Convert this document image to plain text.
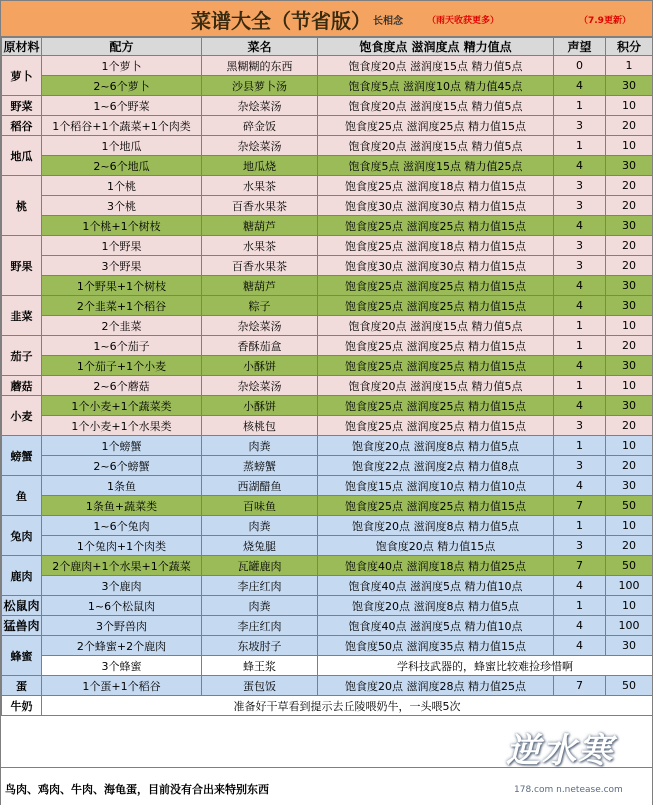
菜谱大全（节省版） 长相念	（雨天收获更多）	（7.9更新）
原材料	配方	菜名	饱食度点 滋润度点 精力值点	声望	积分
萝卜	1个萝卜	黑糊糊的东西	饱食度20点 滋润度15点 精力值5点	0	1
	2~6个萝卜	沙县萝卜汤	饱食度5点 滋润度10点 精力值45点	4	30
野菜	1~6个野菜	杂烩菜汤	饱食度20点 滋润度15点 精力值5点	1	10
稻谷	1个稻谷+1个蔬菜+1个肉类	碎金饭	饱食度25点 滋润度25点 精力值15点	3	20
地瓜	1个地瓜	杂烩菜汤	饱食度20点 滋润度15点 精力值5点	1	10
	2~6个地瓜	地瓜烧	饱食度5点 滋润度15点 精力值25点	4	30
桃	1个桃	水果茶	饱食度25点 滋润度18点 精力值15点	3	20
	3个桃	百香水果茶	饱食度30点 滋润度30点 精力值15点	3	20
	1个桃+1个树枝	糖葫芦	饱食度25点 滋润度25点 精力值15点	4	30
野果	1个野果	水果茶	饱食度25点 滋润度18点 精力值15点	3	20
	3个野果	百香水果茶	饱食度30点 滋润度30点 精力值15点	3	20
	1个野果+1个树枝	糖葫芦	饱食度25点 滋润度25点 精力值15点	4	30
韭菜	2个韭菜+1个稻谷	粽子	饱食度25点 滋润度25点 精力值15点	4	30
	2个韭菜	杂烩菜汤	饱食度20点 滋润度15点 精力值5点	1	10
茄子	1~6个茄子	香酥茄盒	饱食度25点 滋润度25点 精力值15点	1	20
	1个茄子+1个小麦	小酥饼	饱食度25点 滋润度25点 精力值15点	4	30
蘑菇	2~6个蘑菇	杂烩菜汤	饱食度20点 滋润度15点 精力值5点	1	10
小麦	1个小麦+1个蔬菜类	小酥饼	饱食度25点 滋润度25点 精力值15点	4	30
	1个小麦+1个水果类	核桃包	饱食度25点 滋润度25点 精力值15点	3	20
螃蟹	1个螃蟹	肉粪	饱食度20点 滋润度8点 精力值5点	1	10
	2~6个螃蟹	蒸螃蟹	饱食度22点 滋润度2点 精力值8点	3	20
鱼	1条鱼	西湖醋鱼	饱食度15点 滋润度10点 精力值10点	4	30
	1条鱼+蔬菜类	百味鱼	饱食度25点 滋润度25点 精力值15点	7	50
兔肉	1~6个兔肉	肉粪	饱食度20点 滋润度8点 精力值5点	1	10
	1个兔肉+1个肉类	烧兔腿	饱食度20点 精力值15点	3	20
鹿肉	2个鹿肉+1个水果+1个蔬菜	瓦罐鹿肉	饱食度40点 滋润度18点 精力值25点	7	50
	3个鹿肉	李庄红肉	饱食度40点 滋润度5点 精力值10点	4	100
松鼠肉	1~6个松鼠肉	肉粪	饱食度20点 滋润度8点 精力值5点	1	10
猛兽肉	3个野兽肉	李庄红肉	饱食度40点 滋润度5点 精力值10点	4	100
蜂蜜	2个蜂蜜+2个鹿肉	东坡肘子	饱食度50点 滋润度35点 精力值15点	4	30
	3个蜂蜜	蜂王浆	学科技武器的，蜂蜜比较难捡珍惜啊		
蛋	1个蛋+1个稻谷	蛋包饭	饱食度20点 滋润度28点 精力值25点	7	50
牛奶	准备好干草看到提示去丘陵喂奶牛，一头喂5次				
鸟肉、鸡肉、牛肉、海龟蛋，目前没有合出来特别东西
逆水寒
178.com n.netease.com
